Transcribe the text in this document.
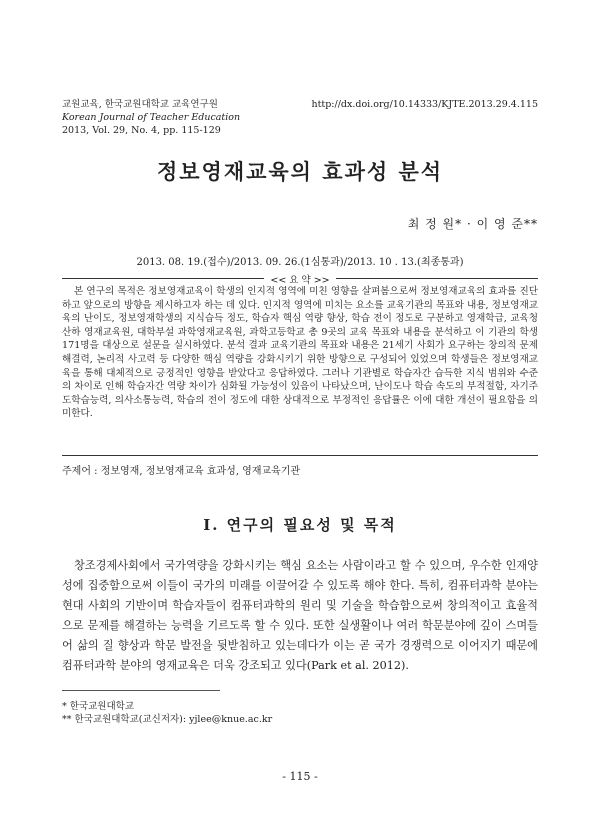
교원교육, 한국교원대학교 교육연구원
Korean Journal of Teacher Education
2013, Vol. 29, No. 4, pp. 115-129
http://dx.doi.org/10.14333/KJTE.2013.29.4.115
정보영재교육의 효과성 분석
최 정 원* · 이 영 준**
2013. 08. 19.(접수)/2013. 09. 26.(1심통과)/2013. 10 . 13.(최종통과)
<< 요 약 >>

본 연구의 목적은 정보영재교육이 학생의 인지적 영역에 미친 영향을 살펴봄으로써 정보영재교육의 효과를 진단하고 앞으로의 방향을 제시하고자 하는 데 있다. 인지적 영역에 미치는 요소를 교육기관의 목표와 내용, 정보영재교육의 난이도, 정보영재학생의 지식습득 정도, 학습자 핵심 역량 향상, 학습 전이 정도로 구분하고 영재학급, 교육청 산하 영재교육원, 대학부설 과학영재교육원, 과학고등학교 총 9곳의 교육 목표와 내용을 분석하고 이 기관의 학생 171명을 대상으로 설문을 실시하였다. 분석 결과 교육기관의 목표와 내용은 21세기 사회가 요구하는 창의적 문제해결력, 논리적 사고력 등 다양한 핵심 역량을 강화시키기 위한 방향으로 구성되어 있었으며 학생들은 정보영재교육을 통해 대체적으로 긍정적인 영향을 받았다고 응답하였다. 그러나 기관별로 학습자간 습득한 지식 범위와 수준의 차이로 인해 학습자간 역량 차이가 심화될 가능성이 있음이 나타났으며, 난이도나 학습 속도의 부적절함, 자기주도학습능력, 의사소통능력, 학습의 전이 정도에 대한 상대적으로 부정적인 응답률은 이에 대한 개선이 필요함을 의미한다.

주제어 : 정보영재, 정보영재교육 효과성, 영재교육기관
Ⅰ. 연구의 필요성 및 목적

창조경제사회에서 국가역량을 강화시키는 핵심 요소는 사람이라고 할 수 있으며, 우수한 인재양성에 집중함으로써 이들이 국가의 미래를 이끌어갈 수 있도록 해야 한다. 특히, 컴퓨터과학 분야는 현대 사회의 기반이며 학습자들이 컴퓨터과학의 원리 및 기술을 학습함으로써 창의적이고 효율적으로 문제를 해결하는 능력을 기르도록 할 수 있다. 또한 실생활이나 여러 학문분야에 깊이 스며들어 삶의 질 향상과 학문 발전을 뒷받침하고 있는데다가 이는 곧 국가 경쟁력으로 이어지기 때문에 컴퓨터과학 분야의 영재교육은 더욱 강조되고 있다(Park et al. 2012).

* 한국교원대학교
** 한국교원대학교(교신저자): yjlee@knue.ac.kr
- 115 -
